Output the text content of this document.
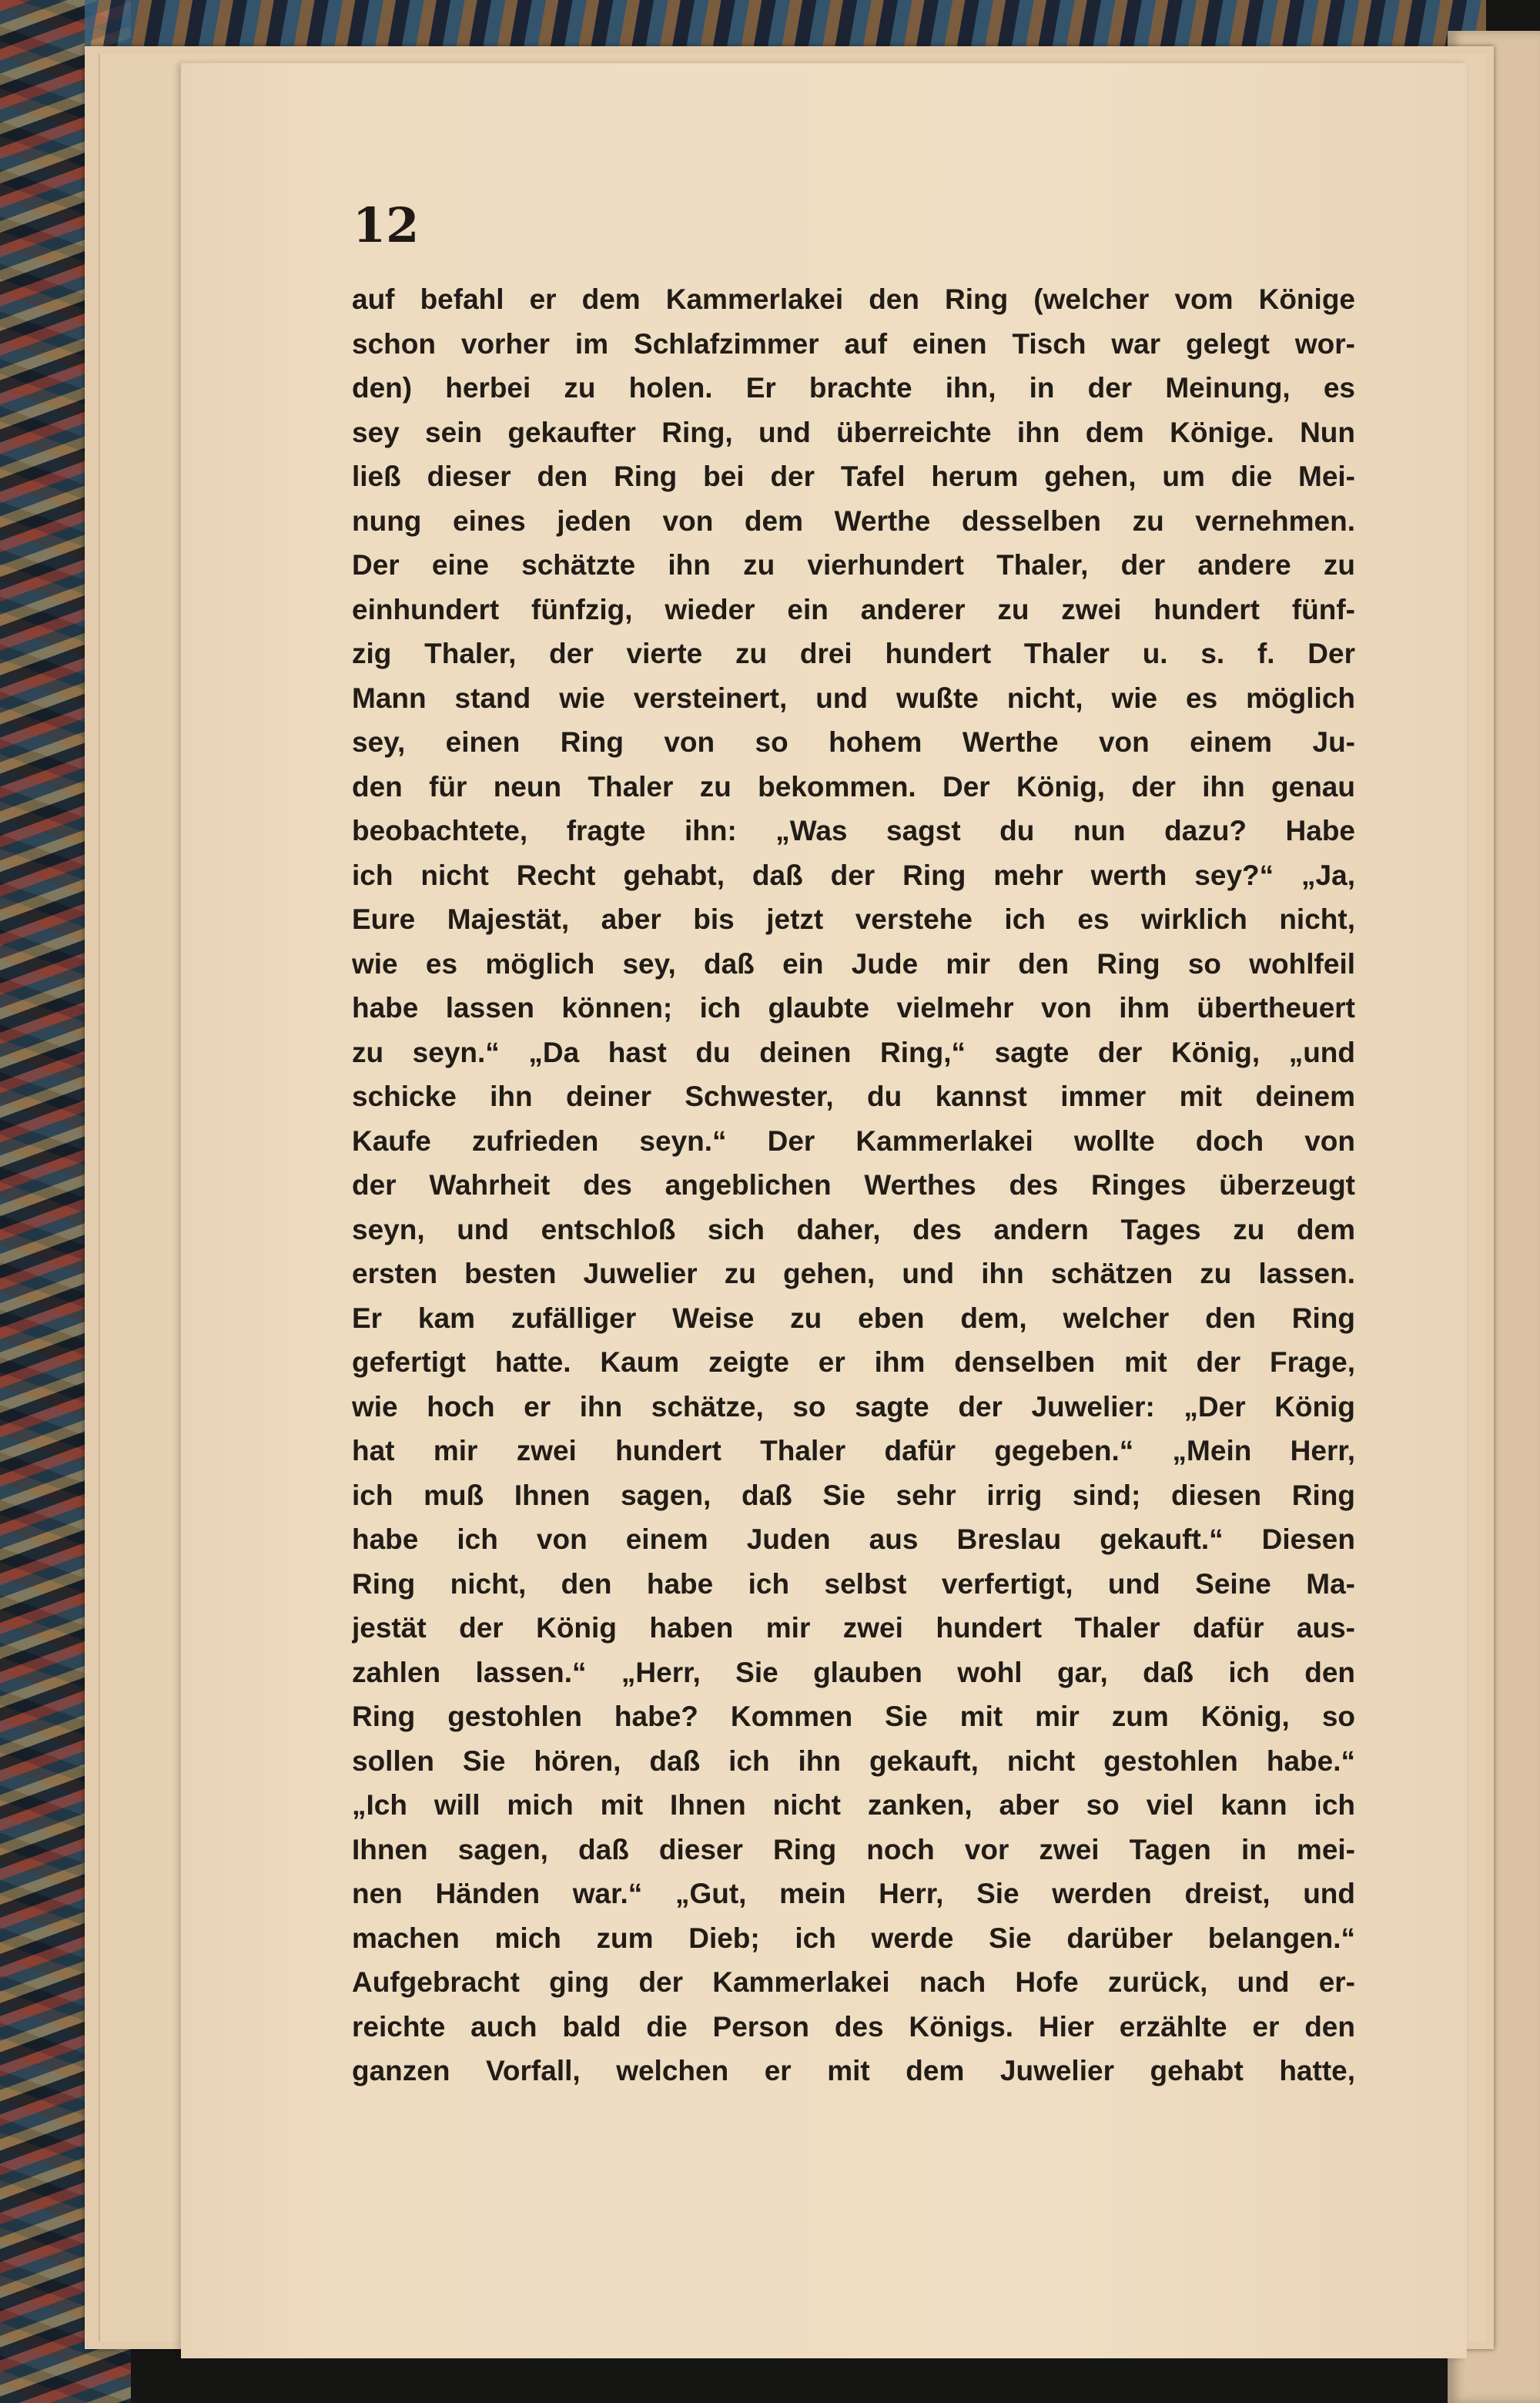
12
auf befahl er dem Kammerlakei den Ring (welcher vom Könige
schon vorher im Schlafzimmer auf einen Tisch war gelegt wor-
den) herbei zu holen. Er brachte ihn, in der Meinung, es
sey sein gekaufter Ring, und überreichte ihn dem Könige. Nun
ließ dieser den Ring bei der Tafel herum gehen, um die Mei-
nung eines jeden von dem Werthe desselben zu vernehmen.
Der eine schätzte ihn zu vierhundert Thaler, der andere zu
einhundert fünfzig, wieder ein anderer zu zwei hundert fünf-
zig Thaler, der vierte zu drei hundert Thaler u. s. f. Der
Mann stand wie versteinert, und wußte nicht, wie es möglich
sey, einen Ring von so hohem Werthe von einem Ju-
den für neun Thaler zu bekommen. Der König, der ihn genau
beobachtete, fragte ihn: „Was sagst du nun dazu? Habe
ich nicht Recht gehabt, daß der Ring mehr werth sey?“ „Ja,
Eure Majestät, aber bis jetzt verstehe ich es wirklich nicht,
wie es möglich sey, daß ein Jude mir den Ring so wohlfeil
habe lassen können; ich glaubte vielmehr von ihm übertheuert
zu seyn.“ „Da hast du deinen Ring,“ sagte der König, „und
schicke ihn deiner Schwester, du kannst immer mit deinem
Kaufe zufrieden seyn.“ Der Kammerlakei wollte doch von
der Wahrheit des angeblichen Werthes des Ringes überzeugt
seyn, und entschloß sich daher, des andern Tages zu dem
ersten besten Juwelier zu gehen, und ihn schätzen zu lassen.
Er kam zufälliger Weise zu eben dem, welcher den Ring
gefertigt hatte. Kaum zeigte er ihm denselben mit der Frage,
wie hoch er ihn schätze, so sagte der Juwelier: „Der König
hat mir zwei hundert Thaler dafür gegeben.“ „Mein Herr,
ich muß Ihnen sagen, daß Sie sehr irrig sind; diesen Ring
habe ich von einem Juden aus Breslau gekauft.“ Diesen
Ring nicht, den habe ich selbst verfertigt, und Seine Ma-
jestät der König haben mir zwei hundert Thaler dafür aus-
zahlen lassen.“ „Herr, Sie glauben wohl gar, daß ich den
Ring gestohlen habe? Kommen Sie mit mir zum König, so
sollen Sie hören, daß ich ihn gekauft, nicht gestohlen habe.“
„Ich will mich mit Ihnen nicht zanken, aber so viel kann ich
Ihnen sagen, daß dieser Ring noch vor zwei Tagen in mei-
nen Händen war.“ „Gut, mein Herr, Sie werden dreist, und
machen mich zum Dieb; ich werde Sie darüber belangen.“
Aufgebracht ging der Kammerlakei nach Hofe zurück, und er-
reichte auch bald die Person des Königs. Hier erzählte er den
ganzen Vorfall, welchen er mit dem Juwelier gehabt hatte,
